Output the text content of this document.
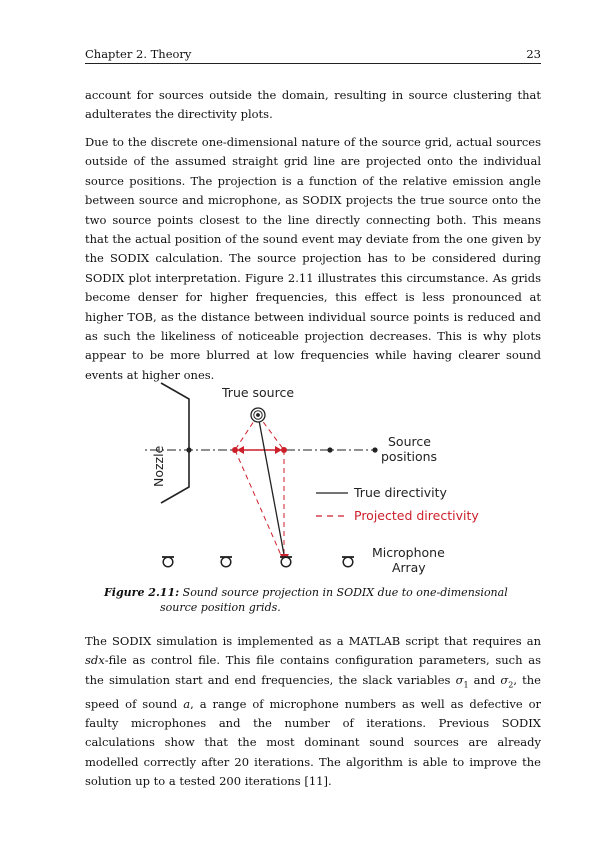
Chapter 2. Theory	23

account for sources outside the domain, resulting in source clustering that adulterates the directivity plots.

Due to the discrete one-dimensional nature of the source grid, actual sources outside of the assumed straight grid line are projected onto the individual source positions. The projection is a function of the relative emission angle between source and microphone, as SODIX projects the true source onto the two source points closest to the line directly connecting both. This means that the actual position of the sound event may deviate from the one given by the SODIX calculation. The source projection has to be considered during SODIX plot interpretation. Figure 2.11 illustrates this circumstance. As grids become denser for higher frequencies, this effect is less pronounced at higher TOB, as the distance between individual source points is reduced and as such the likeliness of noticeable projection decreases. This is why plots appear to be more blurred at low frequencies while having clearer sound events at higher ones.

Nozzle
True source
Source
positions
True directivity
Projected directivity
Microphone
Array
Figure 2.11: Sound source projection in SODIX due to one-dimensional source position grids.

The SODIX simulation is implemented as a MATLAB script that requires an sdx-file as control file. This file contains configuration parameters, such as the simulation start and end frequencies, the slack variables $\sigma_1$ and $\sigma_2$, the speed of sound a, a range of microphone numbers as well as defective or faulty microphones and the number of iterations. Previous SODIX calculations show that the most dominant sound sources are already modelled correctly after 20 iterations. The algorithm is able to improve the solution up to a tested 200 iterations [11].
